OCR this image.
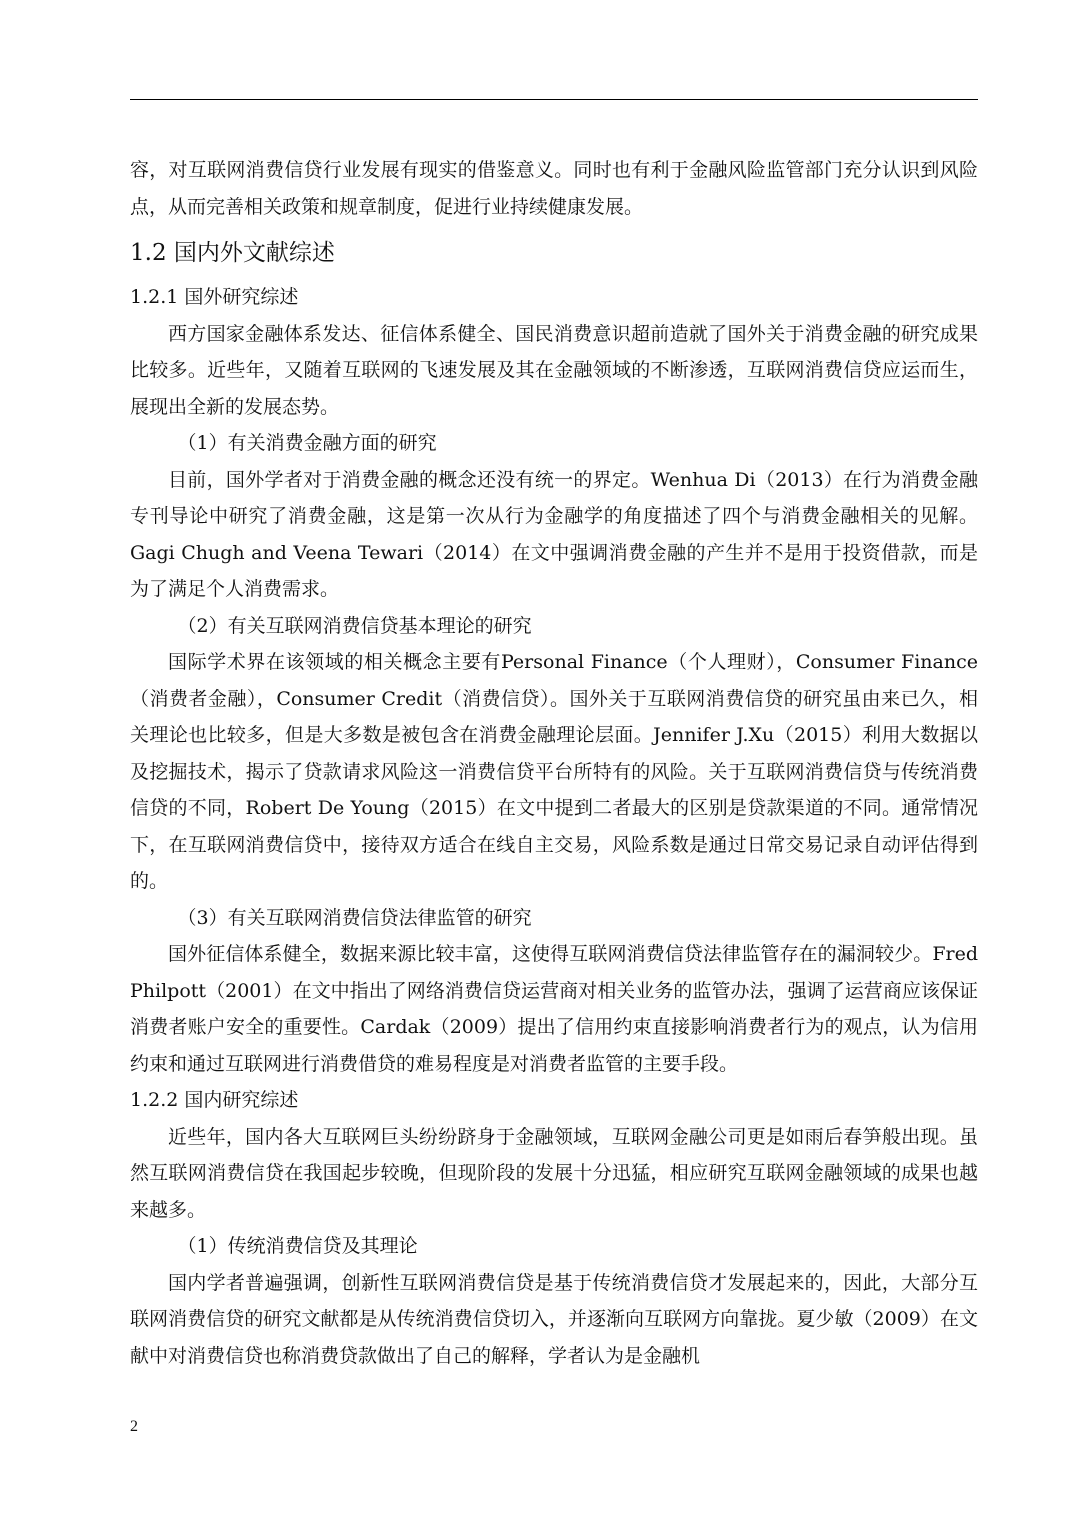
容，对互联网消费信贷行业发展有现实的借鉴意义。同时也有利于金融风险监管部门充分认识到风险点，从而完善相关政策和规章制度，促进行业持续健康发展。

1.2 国内外文献综述
1.2.1 国外研究综述

西方国家金融体系发达、征信体系健全、国民消费意识超前造就了国外关于消费金融的研究成果比较多。近些年，又随着互联网的飞速发展及其在金融领域的不断渗透，互联网消费信贷应运而生，展现出全新的发展态势。

（1）有关消费金融方面的研究

目前，国外学者对于消费金融的概念还没有统一的界定。Wenhua Di（2013）在行为消费金融专刊导论中研究了消费金融，这是第一次从行为金融学的角度描述了四个与消费金融相关的见解。Gagi Chugh and Veena Tewari（2014）在文中强调消费金融的产生并不是用于投资借款，而是为了满足个人消费需求。

（2）有关互联网消费信贷基本理论的研究

国际学术界在该领域的相关概念主要有Personal Finance（个人理财），Consumer Finance（消费者金融），Consumer Credit（消费信贷）。国外关于互联网消费信贷的研究虽由来已久，相关理论也比较多，但是大多数是被包含在消费金融理论层面。Jennifer J.Xu（2015）利用大数据以及挖掘技术，揭示了贷款请求风险这一消费信贷平台所特有的风险。关于互联网消费信贷与传统消费信贷的不同，Robert De Young（2015）在文中提到二者最大的区别是贷款渠道的不同。通常情况下，在互联网消费信贷中，接待双方适合在线自主交易，风险系数是通过日常交易记录自动评估得到的。

（3）有关互联网消费信贷法律监管的研究

国外征信体系健全，数据来源比较丰富，这使得互联网消费信贷法律监管存在的漏洞较少。Fred Philpott（2001）在文中指出了网络消费信贷运营商对相关业务的监管办法，强调了运营商应该保证消费者账户安全的重要性。Cardak（2009）提出了信用约束直接影响消费者行为的观点，认为信用约束和通过互联网进行消费借贷的难易程度是对消费者监管的主要手段。

1.2.2 国内研究综述

近些年，国内各大互联网巨头纷纷跻身于金融领域，互联网金融公司更是如雨后春笋般出现。虽然互联网消费信贷在我国起步较晚，但现阶段的发展十分迅猛，相应研究互联网金融领域的成果也越来越多。

（1）传统消费信贷及其理论

国内学者普遍强调，创新性互联网消费信贷是基于传统消费信贷才发展起来的，因此，大部分互联网消费信贷的研究文献都是从传统消费信贷切入，并逐渐向互联网方向靠拢。夏少敏（2009）在文献中对消费信贷也称消费贷款做出了自己的解释，学者认为是金融机

2
